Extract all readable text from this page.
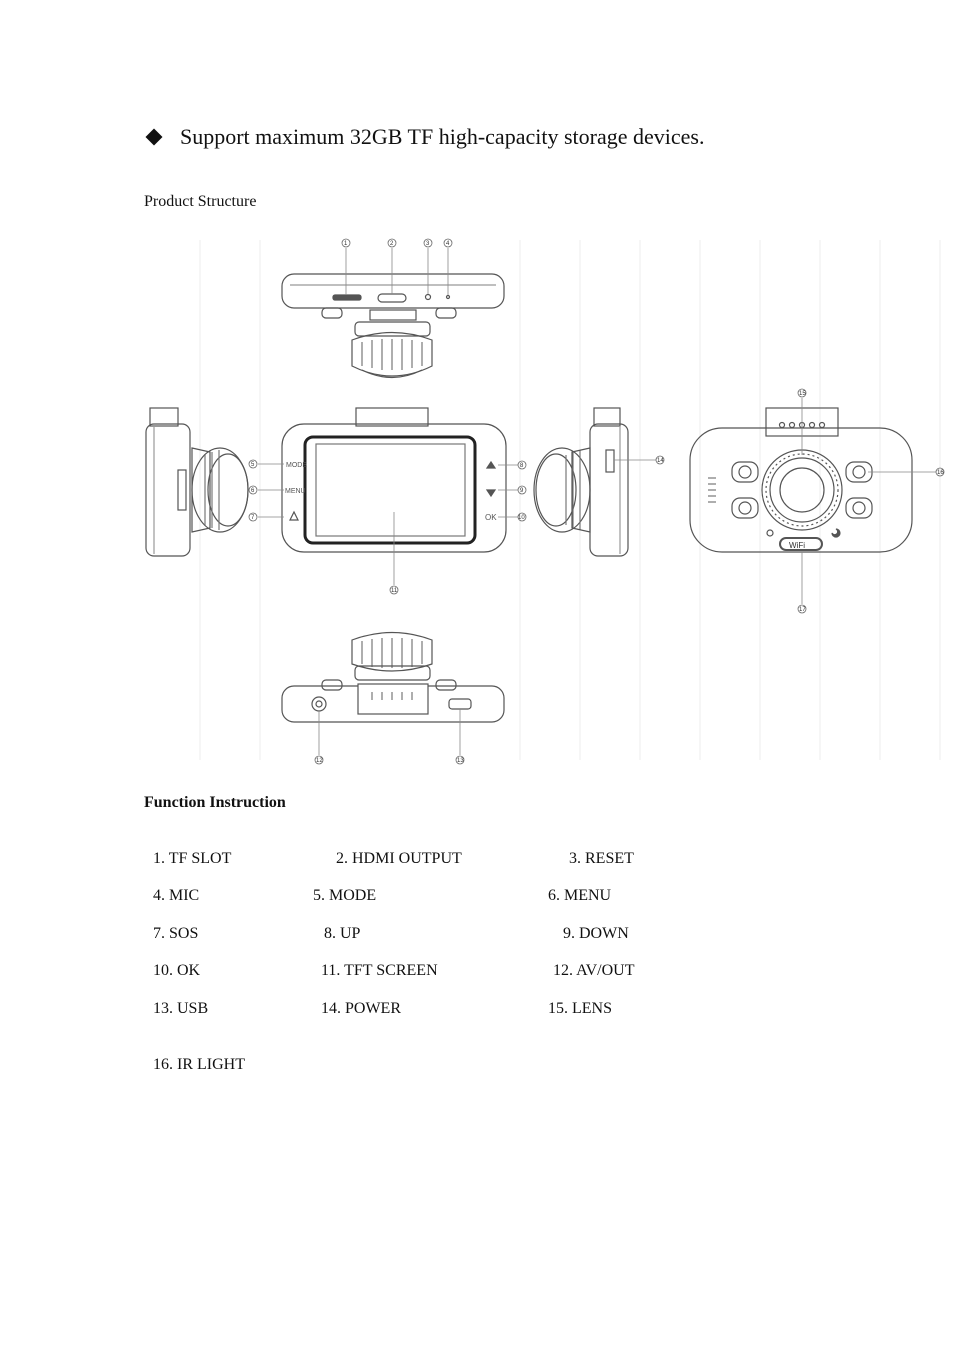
Support maximum 32GB TF high-capacity storage devices.
Product Structure
MODE
MENU
OK
WiFi
1	2	3	4
5
6
7
8
9
10
11
12	13
14
15
16
17
Function Instruction
1. TF SLOT	2. HDMI OUTPUT	3. RESET
4. MIC	5. MODE	6. MENU
7. SOS	8. UP	9. DOWN
10. OK	11. TFT SCREEN	12. AV/OUT
13. USB	14. POWER	15. LENS
16. IR LIGHT
